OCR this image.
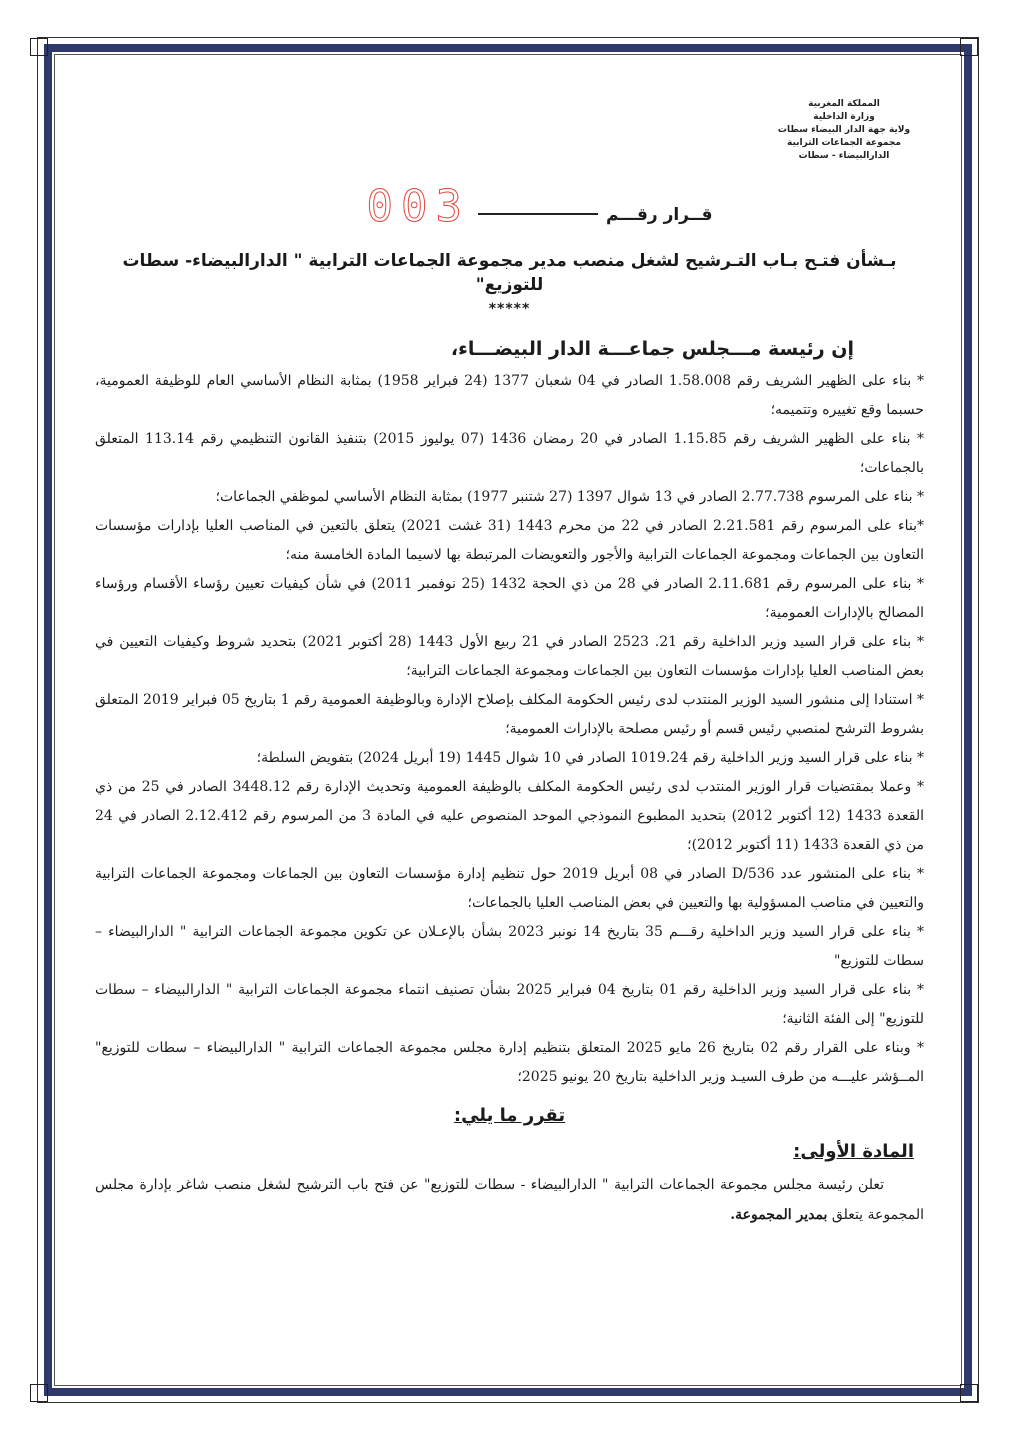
المملكة المغربية
وزارة الداخلية
ولاية جهة الدار البيضاء سطات
مجموعة الجماعات الترابية الدارالبيضاء - سطات
قــرار رقـــم
003
بـشأن فتـح بـاب التـرشيح لشغل منصب مدير مجموعة الجماعات الترابية " الدارالبيضاء- سطات للتوزيع"
*****
إن رئيسة مـــجلس جماعـــة الدار البيضـــاء،

* بناء على الظهير الشريف رقم 1.58.008 الصادر في 04 شعبان 1377 (24 فبراير 1958) بمثابة النظام الأساسي العام للوظيفة العمومية، حسبما وقع تغييره وتتميمه؛

* بناء على الظهير الشريف رقم 1.15.85 الصادر في 20 رمضان 1436 (07 يوليوز 2015) بتنفيذ القانون التنظيمي رقم 113.14 المتعلق بالجماعات؛

* بناء على المرسوم 2.77.738 الصادر في 13 شوال 1397 (27 شتنبر 1977) بمثابة النظام الأساسي لموظفي الجماعات؛

*بناء على المرسوم رقم 2.21.581 الصادر في 22 من محرم 1443 (31 غشت 2021) يتعلق بالتعين في المناصب العليا بإدارات مؤسسات التعاون بين الجماعات ومجموعة الجماعات الترابية والأجور والتعويضات المرتبطة بها لاسيما المادة الخامسة منه؛

* بناء على المرسوم رقم 2.11.681 الصادر في 28 من ذي الحجة 1432 (25 نوفمبر 2011) في شأن كيفيات تعيين رؤساء الأقسام ورؤساء المصالح بالإدارات العمومية؛

* بناء على قرار السيد وزير الداخلية رقم 21. 2523 الصادر في 21 ربيع الأول 1443 (28 أكتوبر 2021) بتحديد شروط وكيفيات التعيين في بعض المناصب العليا بإدارات مؤسسات التعاون بين الجماعات ومجموعة الجماعات الترابية؛

* استنادا إلى منشور السيد الوزير المنتدب لدى رئيس الحكومة المكلف بإصلاح الإدارة وبالوظيفة العمومية رقم 1 بتاريخ 05 فبراير 2019 المتعلق بشروط الترشح لمنصبي رئيس قسم أو رئيس مصلحة بالإدارات العمومية؛

* بناء على قرار السيد وزير الداخلية رقم 1019.24 الصادر في 10 شوال 1445 (19 أبريل 2024) بتفويض السلطة؛

* وعملا بمقتضيات قرار الوزير المنتدب لدى رئيس الحكومة المكلف بالوظيفة العمومية وتحديث الإدارة رقم 3448.12 الصادر في 25 من ذي القعدة 1433 (12 أكتوبر 2012) بتحديد المطبوع النموذجي الموحد المنصوص عليه في المادة 3 من المرسوم رقم 2.12.412 الصادر في 24 من ذي القعدة 1433 (11 أكتوبر 2012)؛

* بناء على المنشور عدد D/536 الصادر في 08 أبريل 2019 حول تنظيم إدارة مؤسسات التعاون بين الجماعات ومجموعة الجماعات الترابية والتعيين في مناصب المسؤولية بها والتعيين في بعض المناصب العليا بالجماعات؛

* بناء على قرار السيد وزير الداخلية رقـــم 35 بتاريخ 14 نونبر 2023 بشأن بالإعـلان عن تكوين مجموعة الجماعات الترابية " الدارالبيضاء – سطات للتوزيع"

* بناء على قرار السيد وزير الداخلية رقم 01 بتاريخ 04 فبراير 2025 بشأن تصنيف انتماء مجموعة الجماعات الترابية " الدارالبيضاء – سطات للتوزيع" إلى الفئة الثانية؛

* وبناء على القرار رقم 02 بتاريخ 26 مايو 2025 المتعلق بتنظيم إدارة مجلس مجموعة الجماعات الترابية " الدارالبيضاء – سطات للتوزيع" المــؤشر عليـــه من طرف السيـد وزير الداخلية بتاريخ 20 يونيو 2025؛

تقرر ما يلي:
المادة الأولى:
تعلن رئيسة مجلس مجموعة الجماعات الترابية " الدارالبيضاء - سطات للتوزيع" عن فتح باب الترشيح لشغل منصب شاغر بإدارة مجلس المجموعة يتعلق بمدير المجموعة.
